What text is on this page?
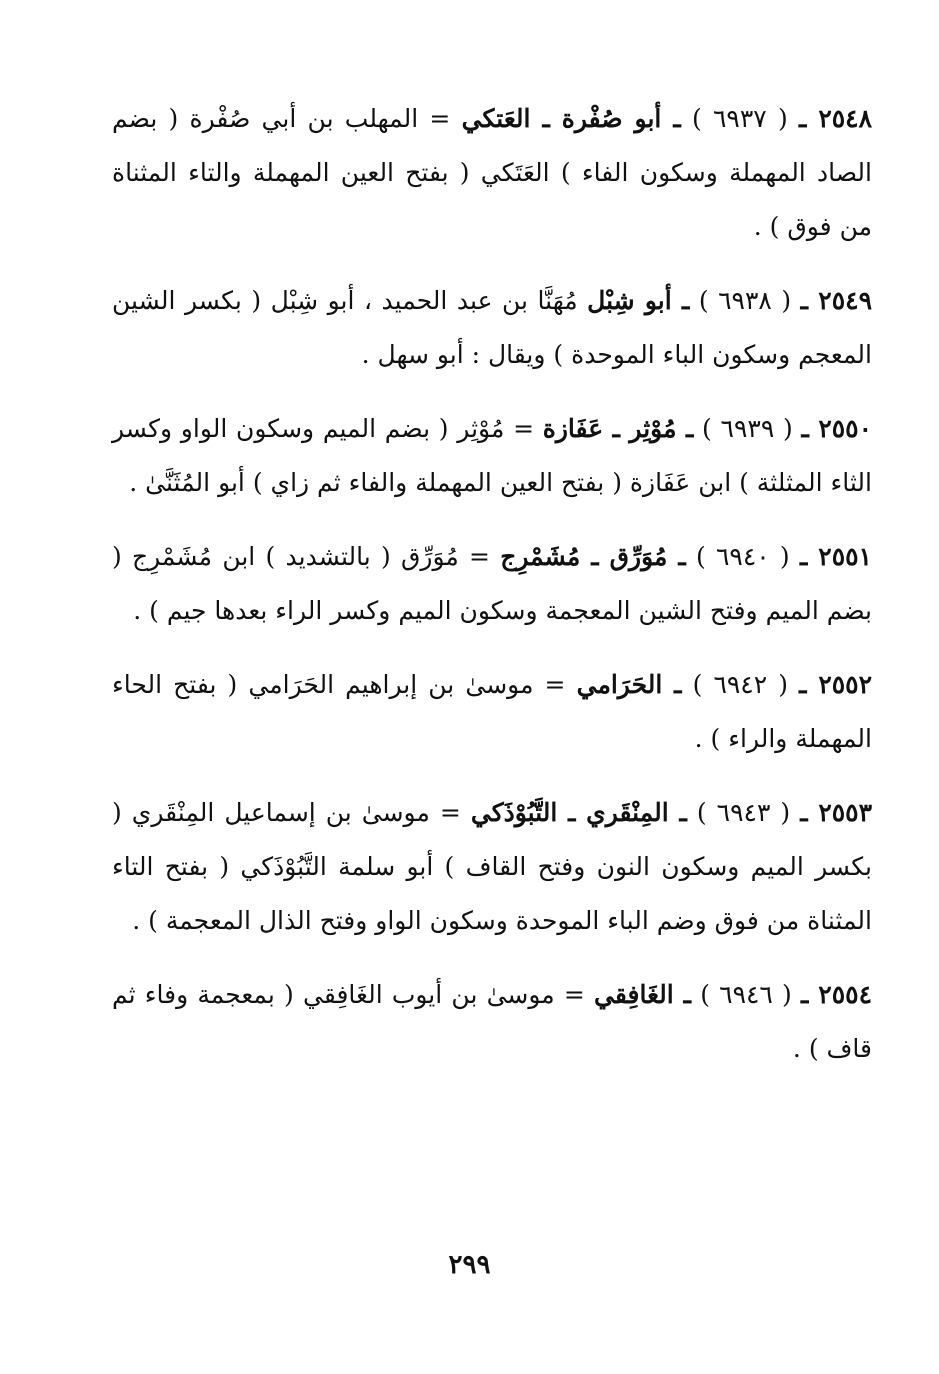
٢٥٤٨ ـ ( ٦٩٣٧ ) ـ أبو صُفْرة ـ العَتكي = المهلب بن أبي صُفْرة ( بضم الصاد المهملة وسكون الفاء ) العَتَكي ( بفتح العين المهملة والتاء المثناة من فوق ) .

٢٥٤٩ ـ ( ٦٩٣٨ ) ـ أبو شِبْل مُهَنَّا بن عبد الحميد ، أبو شِبْل ( بكسر الشين المعجم وسكون الباء الموحدة ) ويقال : أبو سهل .

٢٥٥٠ ـ ( ٦٩٣٩ ) ـ مُوْثِر ـ عَفَازة = مُوْثِر ( بضم الميم وسكون الواو وكسر الثاء المثلثة ) ابن عَفَازة ( بفتح العين المهملة والفاء ثم زاي ) أبو المُثَنَّىٰ .

٢٥٥١ ـ ( ٦٩٤٠ ) ـ مُوَرِّق ـ مُشَمْرِج = مُوَرِّق ( بالتشديد ) ابن مُشَمْرِج ( بضم الميم وفتح الشين المعجمة وسكون الميم وكسر الراء بعدها جيم ) .

٢٥٥٢ ـ ( ٦٩٤٢ ) ـ الحَرَامي = موسىٰ بن إبراهيم الحَرَامي ( بفتح الحاء المهملة والراء ) .

٢٥٥٣ ـ ( ٦٩٤٣ ) ـ المِنْقَري ـ التَّبُوْذَكي = موسىٰ بن إسماعيل المِنْقَري ( بكسر الميم وسكون النون وفتح القاف ) أبو سلمة التَّبُوْذَكي ( بفتح التاء المثناة من فوق وضم الباء الموحدة وسكون الواو وفتح الذال المعجمة ) .

٢٥٥٤ ـ ( ٦٩٤٦ ) ـ الغَافِقي = موسىٰ بن أيوب الغَافِقي ( بمعجمة وفاء ثم قاف ) .

٢٩٩
